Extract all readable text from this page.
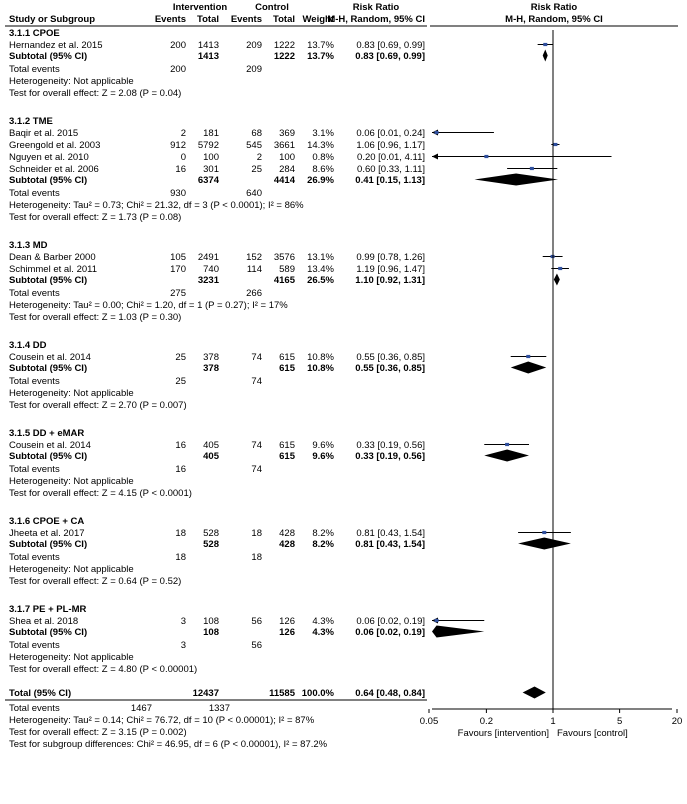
Intervention	Control	Risk Ratio	Risk Ratio
Study or Subgroup	Events Total Events Total Weight
M-H, Random, 95% CI	M-H, Random, 95% CI
3.1.1 CPOE
Hernandez et al. 2015	200 1413	209 1222 13.7% 0.83 [0.69, 0.99]
Subtotal (95% CI)	1413	1222 13.7% 0.83 [0.69, 0.99]
Total events	200	209
Heterogeneity: Not applicable
Test for overall effect: Z = 2.08 (P = 0.04)
3.1.2 TME
Baqir et al. 2015	2 181	68 369 3.1% 0.06 [0.01, 0.24]
Greengold et al. 2003	912 5792	545 3661 14.3% 1.06 [0.96, 1.17]
Nguyen et al. 2010	0 100	2 100 0.8% 0.20 [0.01, 4.11]
Schneider et al. 2006	16 301	25 284 8.6% 0.60 [0.33, 1.11]
Subtotal (95% CI)	6374	4414 26.9% 0.41 [0.15, 1.13]
Total events	930	640
Heterogeneity: Tau² = 0.73; Chi² = 21.32, df = 3 (P < 0.0001); I² = 86%
Test for overall effect: Z = 1.73 (P = 0.08)
3.1.3 MD
Dean & Barber 2000	105 2491	152 3576 13.1% 0.99 [0.78, 1.26]
Schimmel et al. 2011	170 740	114 589 13.4% 1.19 [0.96, 1.47]
Subtotal (95% CI)	3231	4165 26.5% 1.10 [0.92, 1.31]
Total events	275	266
Heterogeneity: Tau² = 0.00; Chi² = 1.20, df = 1 (P = 0.27); I² = 17%
Test for overall effect: Z = 1.03 (P = 0.30)
3.1.4 DD
Cousein et al. 2014	25 378	74 615 10.8% 0.55 [0.36, 0.85]
Subtotal (95% CI)	378	615 10.8% 0.55 [0.36, 0.85]
Total events	25	74
Heterogeneity: Not applicable
Test for overall effect: Z = 2.70 (P = 0.007)
3.1.5 DD + eMAR
Cousein et al. 2014	16 405	74 615 9.6% 0.33 [0.19, 0.56]
Subtotal (95% CI)	405	615 9.6% 0.33 [0.19, 0.56]
Total events	16	74
Heterogeneity: Not applicable
Test for overall effect: Z = 4.15 (P < 0.0001)
3.1.6 CPOE + CA
Jheeta et al. 2017	18 528	18 428 8.2% 0.81 [0.43, 1.54]
Subtotal (95% CI)	528	428 8.2% 0.81 [0.43, 1.54]
Total events	18	18
Heterogeneity: Not applicable
Test for overall effect: Z = 0.64 (P = 0.52)
3.1.7 PE + PL-MR
Shea et al. 2018	3 108	56 126 4.3% 0.06 [0.02, 0.19]
Subtotal (95% CI)	108	126 4.3% 0.06 [0.02, 0.19]
Total events	3	56
Heterogeneity: Not applicable
Test for overall effect: Z = 4.80 (P < 0.00001)
Total (95% CI)	12437	11585 100.0% 0.64 [0.48, 0.84]
Total events	1467	1337
Heterogeneity: Tau² = 0.14; Chi² = 76.72, df = 10 (P < 0.00001); I² = 87%
Test for overall effect: Z = 3.15 (P = 0.002)
Test for subgroup differences: Chi² = 46.95, df = 6 (P < 0.00001), I² = 87.2%
0.05	0.2	1	5	20
Favours [intervention] Favours [control]
